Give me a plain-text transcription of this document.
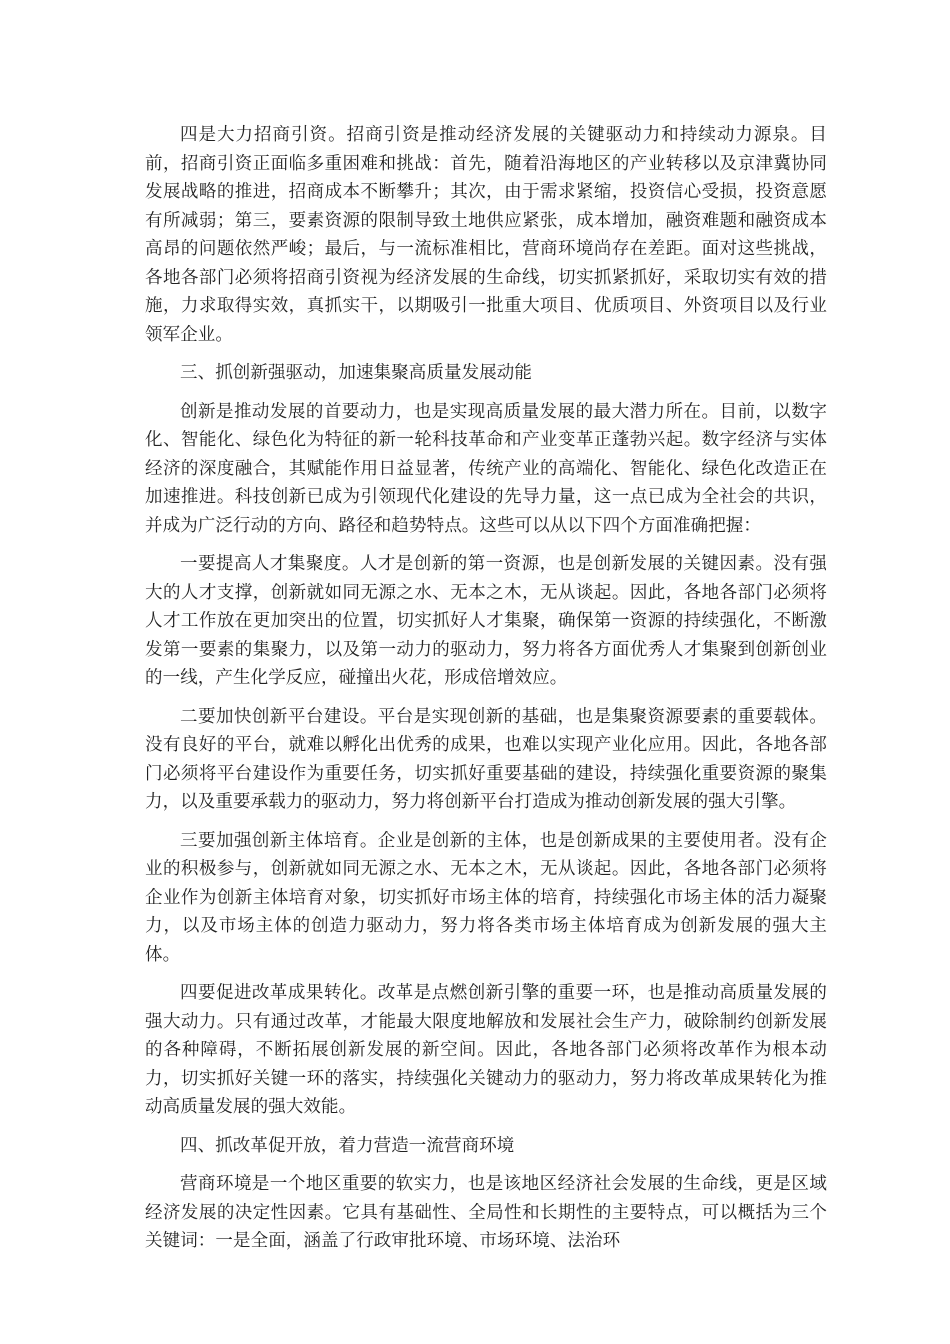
四是大力招商引资。招商引资是推动经济发展的关键驱动力和持续动力源泉。目前，招商引资正面临多重困难和挑战：首先，随着沿海地区的产业转移以及京津冀协同发展战略的推进，招商成本不断攀升；其次，由于需求紧缩，投资信心受损，投资意愿有所减弱；第三，要素资源的限制导致土地供应紧张，成本增加，融资难题和融资成本高昂的问题依然严峻；最后，与一流标准相比，营商环境尚存在差距。面对这些挑战，各地各部门必须将招商引资视为经济发展的生命线，切实抓紧抓好，采取切实有效的措施，力求取得实效，真抓实干，以期吸引一批重大项目、优质项目、外资项目以及行业领军企业。

三、抓创新强驱动，加速集聚高质量发展动能

创新是推动发展的首要动力，也是实现高质量发展的最大潜力所在。目前，以数字化、智能化、绿色化为特征的新一轮科技革命和产业变革正蓬勃兴起。数字经济与实体经济的深度融合，其赋能作用日益显著，传统产业的高端化、智能化、绿色化改造正在加速推进。科技创新已成为引领现代化建设的先导力量，这一点已成为全社会的共识，并成为广泛行动的方向、路径和趋势特点。这些可以从以下四个方面准确把握：

一要提高人才集聚度。人才是创新的第一资源，也是创新发展的关键因素。没有强大的人才支撑，创新就如同无源之水、无本之木，无从谈起。因此，各地各部门必须将人才工作放在更加突出的位置，切实抓好人才集聚，确保第一资源的持续强化，不断激发第一要素的集聚力，以及第一动力的驱动力，努力将各方面优秀人才集聚到创新创业的一线，产生化学反应，碰撞出火花，形成倍增效应。

二要加快创新平台建设。平台是实现创新的基础，也是集聚资源要素的重要载体。没有良好的平台，就难以孵化出优秀的成果，也难以实现产业化应用。因此，各地各部门必须将平台建设作为重要任务，切实抓好重要基础的建设，持续强化重要资源的聚集力，以及重要承载力的驱动力，努力将创新平台打造成为推动创新发展的强大引擎。

三要加强创新主体培育。企业是创新的主体，也是创新成果的主要使用者。没有企业的积极参与，创新就如同无源之水、无本之木，无从谈起。因此，各地各部门必须将企业作为创新主体培育对象，切实抓好市场主体的培育，持续强化市场主体的活力凝聚力，以及市场主体的创造力驱动力，努力将各类市场主体培育成为创新发展的强大主体。

四要促进改革成果转化。改革是点燃创新引擎的重要一环，也是推动高质量发展的强大动力。只有通过改革，才能最大限度地解放和发展社会生产力，破除制约创新发展的各种障碍，不断拓展创新发展的新空间。因此，各地各部门必须将改革作为根本动力，切实抓好关键一环的落实，持续强化关键动力的驱动力，努力将改革成果转化为推动高质量发展的强大效能。

四、抓改革促开放，着力营造一流营商环境

营商环境是一个地区重要的软实力，也是该地区经济社会发展的生命线，更是区域经济发展的决定性因素。它具有基础性、全局性和长期性的主要特点，可以概括为三个关键词：一是全面，涵盖了行政审批环境、市场环境、法治环
